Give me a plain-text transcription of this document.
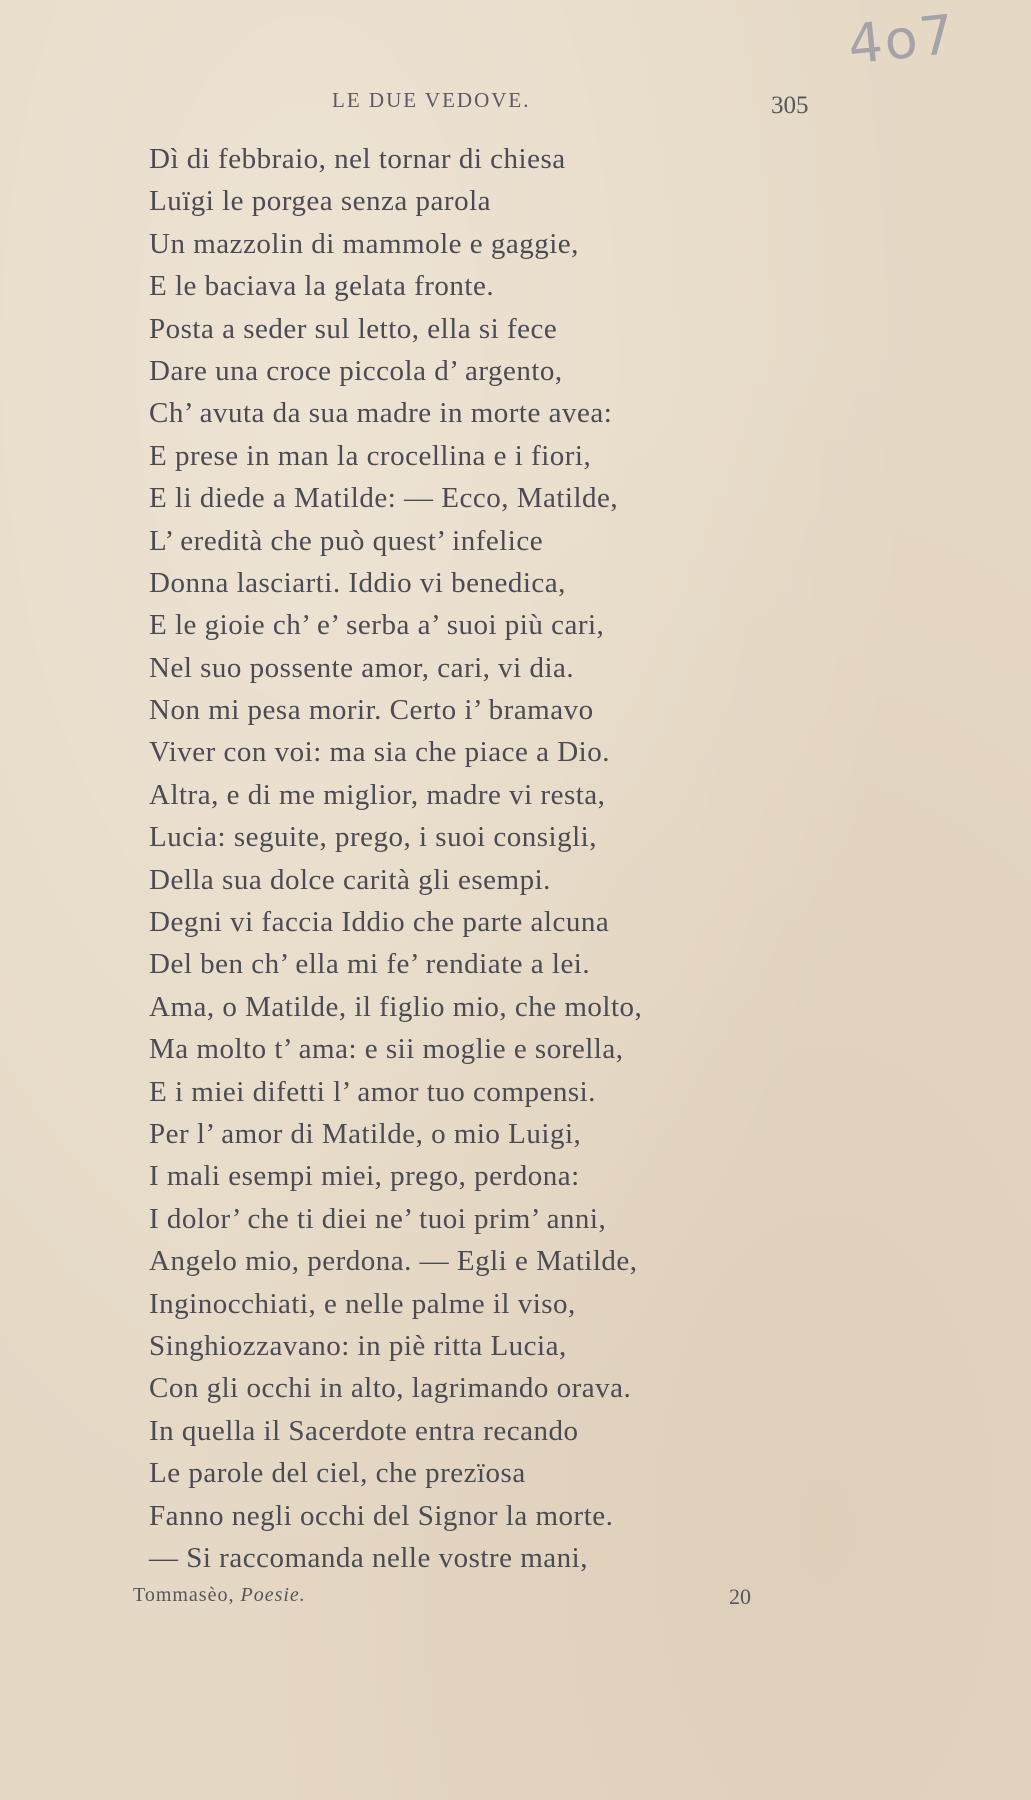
4o7
LE DUE VEDOVE.	305
Dì di febbraio, nel tornar di chiesa
Luïgi le porgea senza parola
Un mazzolin di mammole e gaggie,
E le baciava la gelata fronte.
Posta a seder sul letto, ella si fece
Dare una croce piccola d’ argento,
Ch’ avuta da sua madre in morte avea:
E prese in man la crocellina e i fiori,
E li diede a Matilde: — Ecco, Matilde,
L’ eredità che può quest’ infelice
Donna lasciarti. Iddio vi benedica,
E le gioie ch’ e’ serba a’ suoi più cari,
Nel suo possente amor, cari, vi dia.
Non mi pesa morir. Certo i’ bramavo
Viver con voi: ma sia che piace a Dio.
Altra, e di me miglior, madre vi resta,
Lucia: seguite, prego, i suoi consigli,
Della sua dolce carità gli esempi.
Degni vi faccia Iddio che parte alcuna
Del ben ch’ ella mi fe’ rendiate a lei.
Ama, o Matilde, il figlio mio, che molto,
Ma molto t’ ama: e sii moglie e sorella,
E i miei difetti l’ amor tuo compensi.
Per l’ amor di Matilde, o mio Luigi,
I mali esempi miei, prego, perdona:
I dolor’ che ti diei ne’ tuoi prim’ anni,
Angelo mio, perdona. — Egli e Matilde,
Inginocchiati, e nelle palme il viso,
Singhiozzavano: in piè ritta Lucia,
Con gli occhi in alto, lagrimando orava.
In quella il Sacerdote entra recando
Le parole del ciel, che prezïosa
Fanno negli occhi del Signor la morte.
— Si raccomanda nelle vostre mani,
Tommasèo, Poesie.	20
